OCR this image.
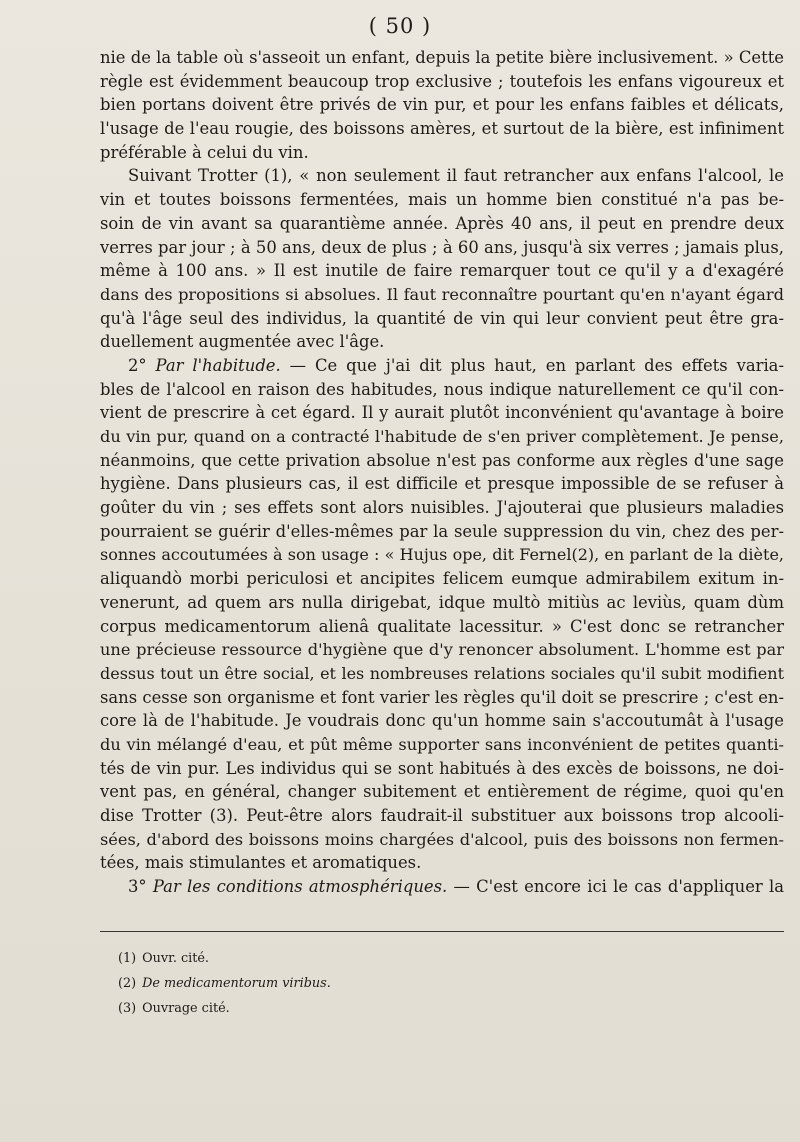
( 50 )
nie de la table où s'asseoit un enfant, depuis la petite bière inclusivement. » Cette
règle est évidemment beaucoup trop exclusive ; toutefois les enfans vigoureux et
bien portans doivent être privés de vin pur, et pour les enfans faibles et délicats,
l'usage de l'eau rougie, des boissons amères, et surtout de la bière, est infiniment
préférable à celui du vin.
Suivant Trotter (1), « non seulement il faut retrancher aux enfans l'alcool, le
vin et toutes boissons fermentées, mais un homme bien constitué n'a pas be-
soin de vin avant sa quarantième année. Après 40 ans, il peut en prendre deux
verres par jour ; à 50 ans, deux de plus ; à 60 ans, jusqu'à six verres ; jamais plus,
même à 100 ans. » Il est inutile de faire remarquer tout ce qu'il y a d'exagéré
dans des propositions si absolues. Il faut reconnaître pourtant qu'en n'ayant égard
qu'à l'âge seul des individus, la quantité de vin qui leur convient peut être gra-
duellement augmentée avec l'âge.
2° Par l'habitude. — Ce que j'ai dit plus haut, en parlant des effets varia-
bles de l'alcool en raison des habitudes, nous indique naturellement ce qu'il con-
vient de prescrire à cet égard. Il y aurait plutôt inconvénient qu'avantage à boire
du vin pur, quand on a contracté l'habitude de s'en priver complètement. Je pense,
néanmoins, que cette privation absolue n'est pas conforme aux règles d'une sage
hygiène. Dans plusieurs cas, il est difficile et presque impossible de se refuser à
goûter du vin ; ses effets sont alors nuisibles. J'ajouterai que plusieurs maladies
pourraient se guérir d'elles-mêmes par la seule suppression du vin, chez des per-
sonnes accoutumées à son usage : « Hujus ope, dit Fernel(2), en parlant de la diète,
aliquandò morbi periculosi et ancipites felicem eumque admirabilem exitum in-
venerunt, ad quem ars nulla dirigebat, idque multò mitiùs ac leviùs, quam dùm
corpus medicamentorum alienâ qualitate lacessitur. » C'est donc se retrancher
une précieuse ressource d'hygiène que d'y renoncer absolument. L'homme est par
dessus tout un être social, et les nombreuses relations sociales qu'il subit modifient
sans cesse son organisme et font varier les règles qu'il doit se prescrire ; c'est en-
core là de l'habitude. Je voudrais donc qu'un homme sain s'accoutumât à l'usage
du vin mélangé d'eau, et pût même supporter sans inconvénient de petites quanti-
tés de vin pur. Les individus qui se sont habitués à des excès de boissons, ne doi-
vent pas, en général, changer subitement et entièrement de régime, quoi qu'en
dise Trotter (3). Peut-être alors faudrait-il substituer aux boissons trop alcooli-
sées, d'abord des boissons moins chargées d'alcool, puis des boissons non fermen-
tées, mais stimulantes et aromatiques.
3° Par les conditions atmosphériques. — C'est encore ici le cas d'appliquer la
(1) Ouvr. cité.
(2) De medicamentorum viribus.
(3) Ouvrage cité.
